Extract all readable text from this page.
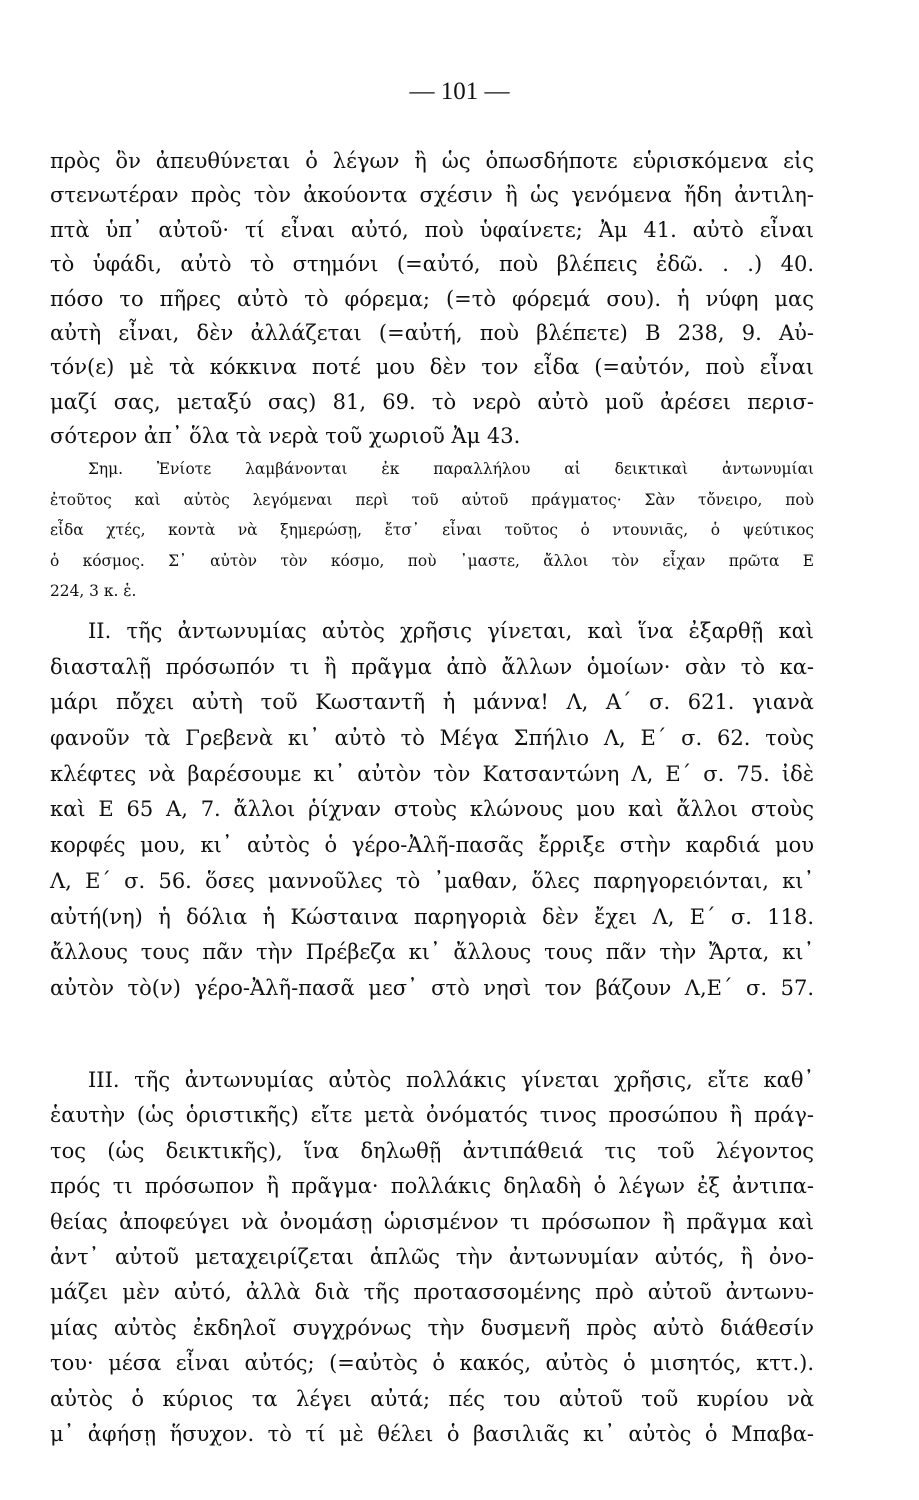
— 101 —
πρὸς ὃν ἀπευθύνεται ὁ λέγων ἢ ὡς ὁπωσδήποτε εὑρισκόμενα εἰς
στενωτέραν πρὸς τὸν ἀκούοντα σχέσιν ἢ ὡς γενόμενα ἤδη ἀντιλη-
πτὰ ὑπ᾽ αὐτοῦ· τί εἶναι αὐτό, ποὺ ὑφαίνετε; Ἀμ 41. αὐτὸ εἶναι
τὸ ὑφάδι, αὐτὸ τὸ στημόνι (=αὐτό, ποὺ βλέπεις ἐδῶ. . .) 40.
πόσο το πῆρες αὐτὸ τὸ φόρεμα; (=τὸ φόρεμά σου). ἡ νύφη μας
αὐτὴ εἶναι, δὲν ἀλλάζεται (=αὐτή, ποὺ βλέπετε) Β 238, 9. Αὐ-
τόν(ε) μὲ τὰ κόκκινα ποτέ μου δὲν τον εἶδα (=αὐτόν, ποὺ εἶναι
μαζί σας, μεταξύ σας) 81, 69. τὸ νερὸ αὐτὸ μοῦ ἀρέσει περισ-
σότερον ἀπ᾽ ὅλα τὰ νερὰ τοῦ χωριοῦ Ἀμ 43.
Σημ. Ἐνίοτε λαμβάνονται ἐκ παραλλήλου αἱ δεικτικαὶ ἀντωνυμίαι
ἐτοῦτος καὶ αὐτὸς λεγόμεναι περὶ τοῦ αὐτοῦ πράγματος· Σὰν τὄνειρο, ποὺ
εἶδα χτές, κοντὰ νὰ ξημερώσῃ, ἔτσ᾽ εἶναι τοῦτος ὁ ντουνιᾶς, ὁ ψεύτικος
ὁ κόσμος. Σ᾽ αὐτὸν τὸν κόσμο, ποὺ ᾽μαστε, ἄλλοι τὸν εἶχαν πρῶτα Ε
224, 3 κ. ἑ.
II. τῆς ἀντωνυμίας αὐτὸς χρῆσις γίνεται, καὶ ἵνα ἐξαρθῇ καὶ
διασταλῇ πρόσωπόν τι ἢ πρᾶγμα ἀπὸ ἄλλων ὁμοίων· σὰν τὸ κα-
μάρι πὄχει αὐτὴ τοῦ Κωσταντῆ ἡ μάννα! Λ, Α΄ σ. 621. γιανὰ
φανοῦν τὰ Γρεβενὰ κι᾽ αὐτὸ τὸ Μέγα Σπήλιο Λ, Ε΄ σ. 62. τοὺς
κλέφτες νὰ βαρέσουμε κι᾽ αὐτὸν τὸν Κατσαντώνη Λ, Ε΄ σ. 75. ἰδὲ
καὶ Ε 65 Α, 7. ἄλλοι ῥίχναν στοὺς κλώνους μου καὶ ἄλλοι στοὺς
κορφές μου, κι᾽ αὐτὸς ὁ γέρο-Ἀλῆ-πασᾶς ἔρριξε στὴν καρδιά μου
Λ, Ε΄ σ. 56. ὅσες μαννοῦλες τὸ ᾽μαθαν, ὅλες παρηγορειόνται, κι᾽
αὐτή(νη) ἡ δόλια ἡ Κώσταινα παρηγοριὰ δὲν ἔχει Λ, Ε΄ σ. 118.
ἄλλους τους πᾶν τὴν Πρέβεζα κι᾽ ἄλλους τους πᾶν τὴν Ἄρτα, κι᾽
αὐτὸν τὸ(ν) γέρο-Ἀλῆ-πασᾶ μεσ᾽ στὸ νησὶ τον βάζουν Λ,Ε΄ σ. 57.
III. τῆς ἀντωνυμίας αὐτὸς πολλάκις γίνεται χρῆσις, εἴτε καθ᾽
ἑαυτὴν (ὡς ὁριστικῆς) εἴτε μετὰ ὀνόματός τινος προσώπου ἢ πράγ-
τος (ὡς δεικτικῆς), ἵνα δηλωθῇ ἀντιπάθειά τις τοῦ λέγοντος
πρός τι πρόσωπον ἢ πρᾶγμα· πολλάκις δηλαδὴ ὁ λέγων ἐξ ἀντιπα-
θείας ἀποφεύγει νὰ ὀνομάσῃ ὡρισμένον τι πρόσωπον ἢ πρᾶγμα καὶ
ἀντ᾽ αὐτοῦ μεταχειρίζεται ἁπλῶς τὴν ἀντωνυμίαν αὐτός, ἢ ὀνο-
μάζει μὲν αὐτό, ἀλλὰ διὰ τῆς προτασσομένης πρὸ αὐτοῦ ἀντωνυ-
μίας αὐτὸς ἐκδηλοῖ συγχρόνως τὴν δυσμενῆ πρὸς αὐτὸ διάθεσίν
του· μέσα εἶναι αὐτός; (=αὐτὸς ὁ κακός, αὐτὸς ὁ μισητός, κττ.).
αὐτὸς ὁ κύριος τα λέγει αὐτά; πές του αὐτοῦ τοῦ κυρίου νὰ
μ᾽ ἀφήσῃ ἥσυχον. τὸ τί μὲ θέλει ὁ βασιλιᾶς κι᾽ αὐτὸς ὁ Μπαβα-
